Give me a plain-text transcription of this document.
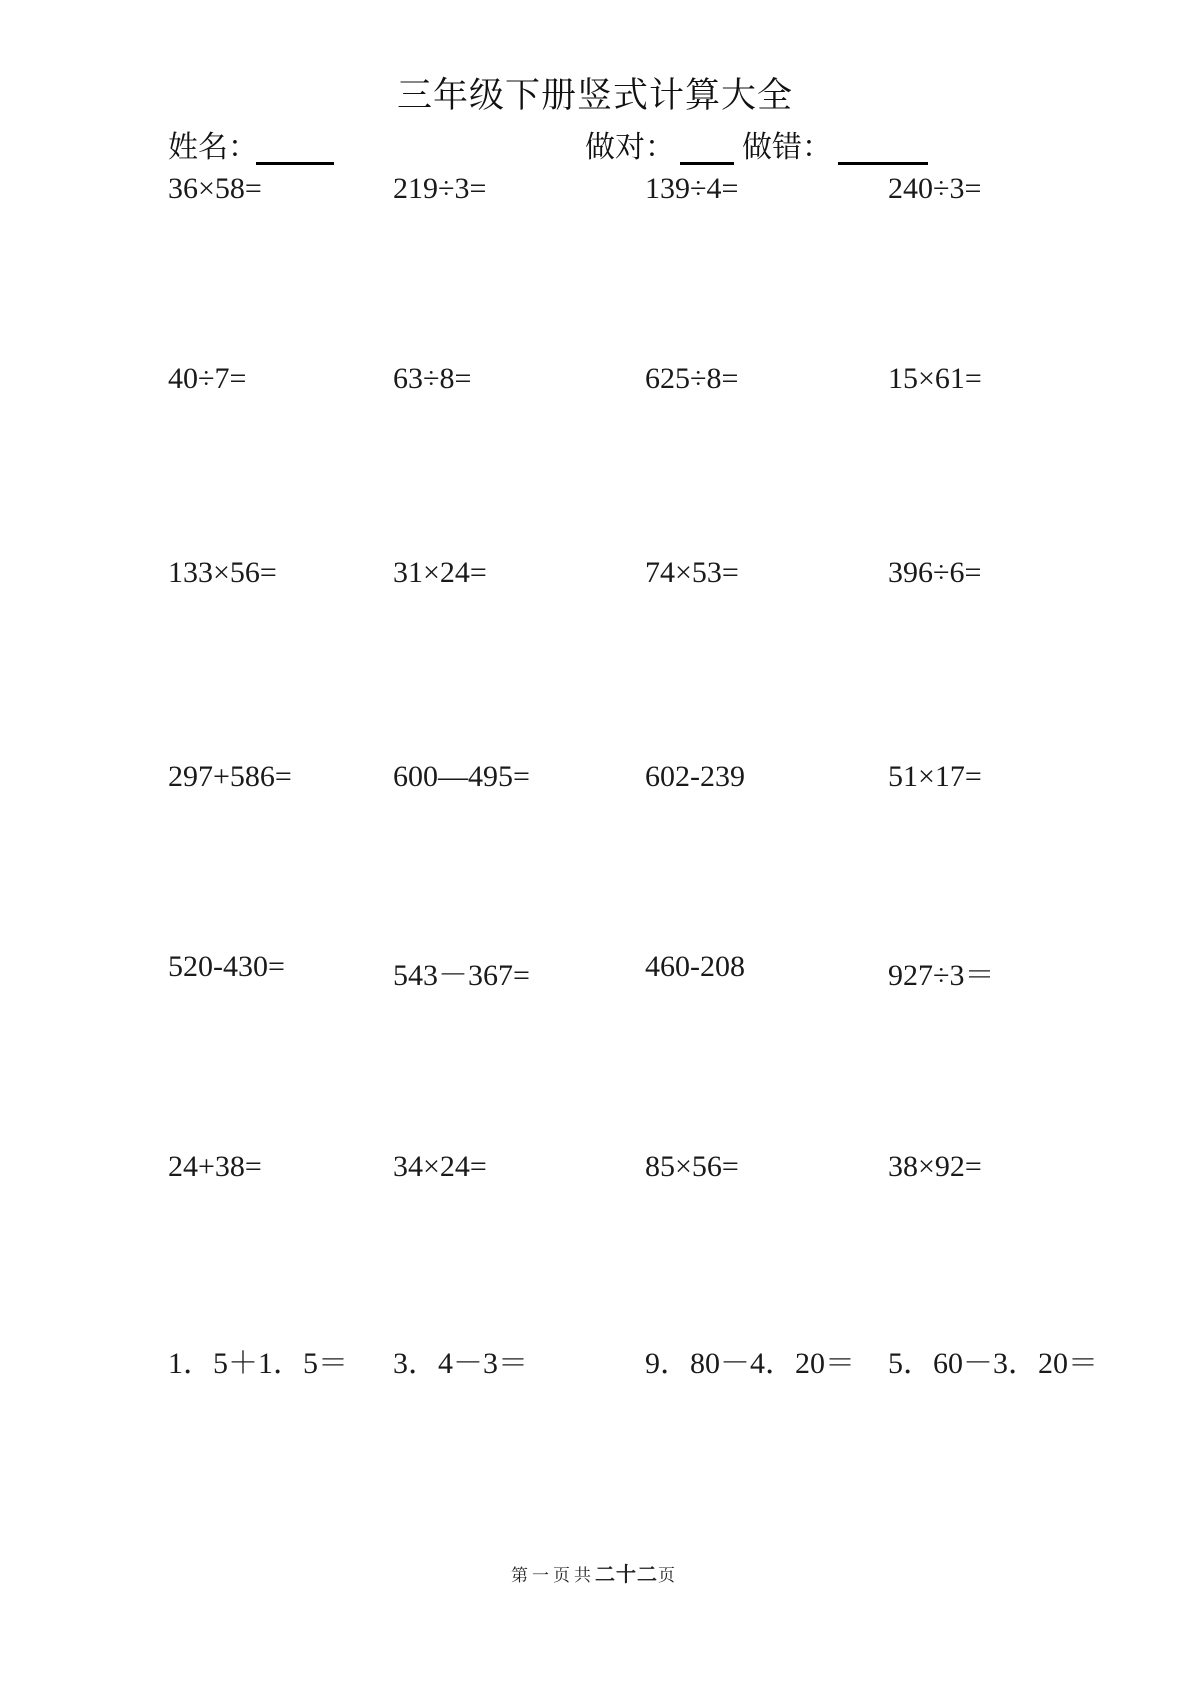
三年级下册竖式计算大全
姓名：	做对： 做错：
36×58=	219÷3=	139÷4=	240÷3=
40÷7=	63÷8=	625÷8=	15×61=
133×56=	31×24=	74×53=	396÷6=
297+586=	600—495=	602-239	51×17=
520-430=	543－367=	460-208	927÷3＝
24+38=	34×24=	85×56=	38×92=
1．5＋1．5＝ 3．4－3＝	9．80－4．20＝ 5．60－3．20＝
第一页共二十二页
